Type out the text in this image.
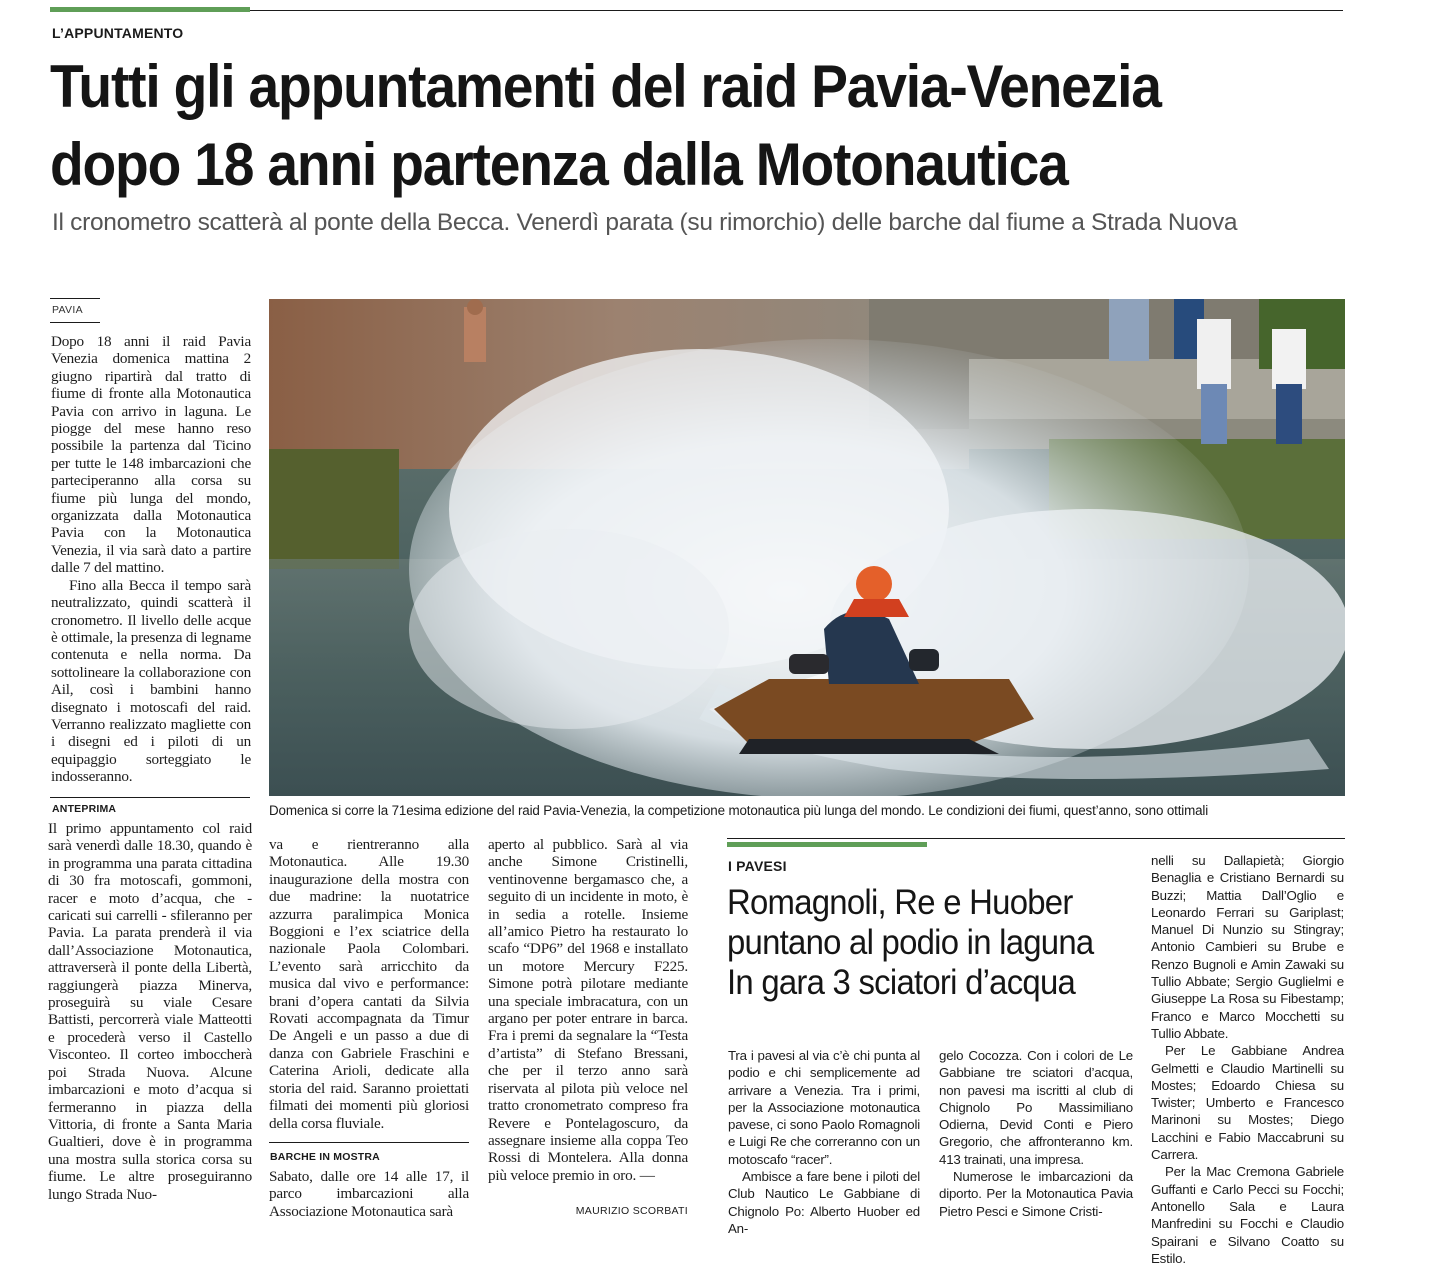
L’APPUNTAMENTO
Tutti gli appuntamenti del raid Pavia-Venezia
dopo 18 anni partenza dalla Motonautica
Il cronometro scatterà al ponte della Becca. Venerdì parata (su rimorchio) delle barche dal fiume a Strada Nuova
PAVIA

Dopo 18 anni il raid Pavia Venezia domenica mattina 2 giugno ripartirà dal tratto di fiume di fronte alla Motonautica Pavia con arrivo in laguna. Le piogge del mese hanno reso possibile la partenza dal Ticino per tutte le 148 imbarcazioni che parteciperanno alla corsa su fiume più lunga del mondo, organizzata dalla Motonautica Pavia con la Motonautica Venezia, il via sarà dato a partire dalle 7 del mattino.

Fino alla Becca il tempo sarà neutralizzato, quindi scatterà il cronometro. Il livello delle acque è ottimale, la presenza di legname contenuta e nella norma. Da sottolineare la collaborazione con Ail, così i bambini hanno disegnato i motoscafi del raid. Verranno realizzato magliette con i disegni ed i piloti di un equipaggio sorteggiato le indosseranno.

Domenica si corre la 71esima edizione del raid Pavia-Venezia, la competizione motonautica più lunga del mondo. Le condizioni dei fiumi, quest’anno, sono ottimali
ANTEPRIMA

Il primo appuntamento col raid sarà venerdì dalle 18.30, quando è in programma una parata cittadina di 30 fra motoscafi, gommoni, racer e moto d’acqua, che - caricati sui carrelli - sfileranno per Pavia. La parata prenderà il via dall’Associazione Motonautica, attraverserà il ponte della Libertà, raggiungerà piazza Minerva, proseguirà su viale Cesare Battisti, percorrerà viale Matteotti e procederà verso il Castello Visconteo. Il corteo imboccherà poi Strada Nuova. Alcune imbarcazioni e moto d’acqua si fermeranno in piazza della Vittoria, di fronte a Santa Maria Gualtieri, dove è in programma una mostra sulla storica corsa su fiume. Le altre proseguiranno lungo Strada Nuo-

va e rientreranno alla Motonautica. Alle 19.30 inaugurazione della mostra con due madrine: la nuotatrice azzurra paralimpica Monica Boggioni e l’ex sciatrice della nazionale Paola Colombari. L’evento sarà arricchito da musica dal vivo e performance: brani d’opera cantati da Silvia Rovati accompagnata da Timur De Angeli e un passo a due di danza con Gabriele Fraschini e Caterina Arioli, dedicate alla storia del raid. Saranno proiettati filmati dei momenti più gloriosi della corsa fluviale.

BARCHE IN MOSTRA

Sabato, dalle ore 14 alle 17, il parco imbarcazioni alla Associazione Motonautica sarà

aperto al pubblico. Sarà al via anche Simone Cristinelli, ventinovenne bergamasco che, a seguito di un incidente in moto, è in sedia a rotelle. Insieme all’amico Pietro ha restaurato lo scafo “DP6” del 1968 e installato un motore Mercury F225. Simone potrà pilotare mediante una speciale imbracatura, con un argano per poter entrare in barca. Fra i premi da segnalare la “Testa d’artista” di Stefano Bressani, che per il terzo anno sarà riservata al pilota più veloce nel tratto cronometrato compreso fra Revere e Pontelagoscuro, da assegnare insieme alla coppa Teo Rossi di Montelera. Alla donna più veloce premio in oro. —

MAURIZIO SCORBATI
I PAVESI
Romagnoli, Re e Huober
puntano al podio in laguna
In gara 3 sciatori d’acqua

Tra i pavesi al via c’è chi punta al podio e chi semplicemente ad arrivare a Venezia. Tra i primi, per la Associazione motonautica pavese, ci sono Paolo Romagnoli e Luigi Re che correranno con un motoscafo “racer”.

Ambisce a fare bene i piloti del Club Nautico Le Gabbiane di Chignolo Po: Alberto Huober ed An-

gelo Cocozza. Con i colori de Le Gabbiane tre sciatori d’acqua, non pavesi ma iscritti al club di Chignolo Po Massimiliano Odierna, Devid Conti e Piero Gregorio, che affronteranno km. 413 trainati, una impresa.

Numerose le imbarcazioni da diporto. Per la Motonautica Pavia Pietro Pesci e Simone Cristi-

nelli su Dallapietà; Giorgio Benaglia e Cristiano Bernardi su Buzzi; Mattia Dall’Oglio e Leonardo Ferrari su Gariplast; Manuel Di Nunzio su Stingray; Antonio Cambieri su Brube e Renzo Bugnoli e Amin Zawaki su Tullio Abbate; Sergio Guglielmi e Giuseppe La Rosa su Fibestamp; Franco e Marco Mocchetti su Tullio Abbate.

Per Le Gabbiane Andrea Gelmetti e Claudio Martinelli su Mostes; Edoardo Chiesa su Twister; Umberto e Francesco Marinoni su Mostes; Diego Lacchini e Fabio Maccabruni su Carrera.

Per la Mac Cremona Gabriele Guffanti e Carlo Pecci su Focchi; Antonello Sala e Laura Manfredini su Focchi e Claudio Spairani e Silvano Coatto su Estilo.
